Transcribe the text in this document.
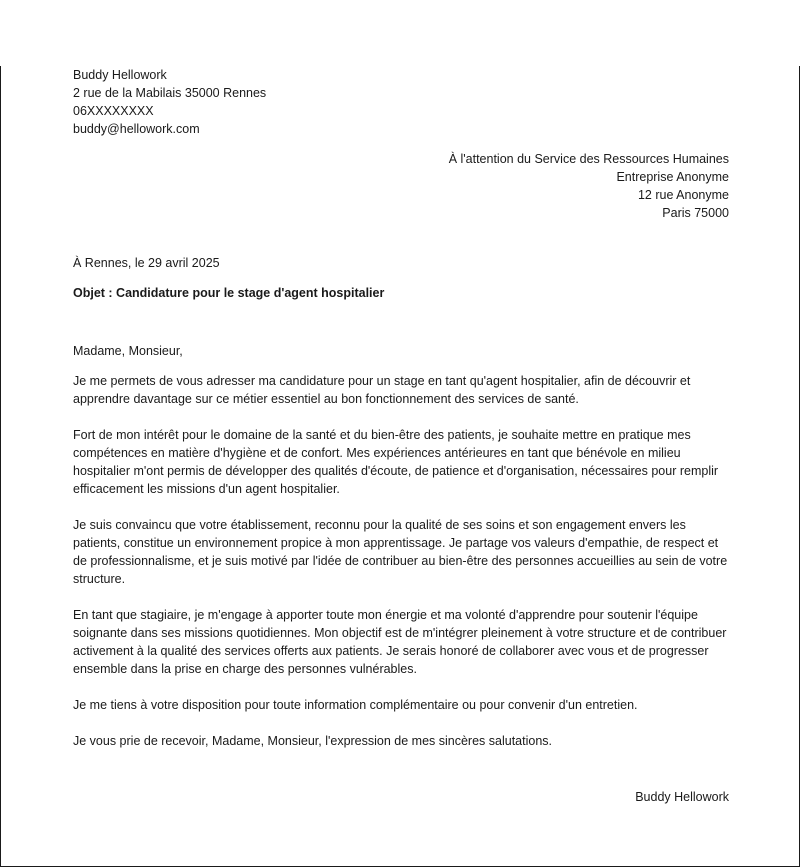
Buddy Hellowork
2 rue de la Mabilais 35000 Rennes
06XXXXXXXX
buddy@hellowork.com
À l'attention du Service des Ressources Humaines
Entreprise Anonyme
12 rue Anonyme
Paris 75000
À Rennes, le 29 avril 2025
Objet : Candidature pour le stage d'agent hospitalier
Madame, Monsieur,
Je me permets de vous adresser ma candidature pour un stage en tant qu'agent hospitalier, afin de découvrir et apprendre davantage sur ce métier essentiel au bon fonctionnement des services de santé.
Fort de mon intérêt pour le domaine de la santé et du bien-être des patients, je souhaite mettre en pratique mes compétences en matière d'hygiène et de confort. Mes expériences antérieures en tant que bénévole en milieu hospitalier m'ont permis de développer des qualités d'écoute, de patience et d'organisation, nécessaires pour remplir efficacement les missions d'un agent hospitalier.
Je suis convaincu que votre établissement, reconnu pour la qualité de ses soins et son engagement envers les patients, constitue un environnement propice à mon apprentissage. Je partage vos valeurs d'empathie, de respect et de professionnalisme, et je suis motivé par l'idée de contribuer au bien-être des personnes accueillies au sein de votre structure.
En tant que stagiaire, je m'engage à apporter toute mon énergie et ma volonté d'apprendre pour soutenir l'équipe soignante dans ses missions quotidiennes. Mon objectif est de m'intégrer pleinement à votre structure et de contribuer activement à la qualité des services offerts aux patients. Je serais honoré de collaborer avec vous et de progresser ensemble dans la prise en charge des personnes vulnérables.
Je me tiens à votre disposition pour toute information complémentaire ou pour convenir d'un entretien.
Je vous prie de recevoir, Madame, Monsieur, l'expression de mes sincères salutations.
Buddy Hellowork
